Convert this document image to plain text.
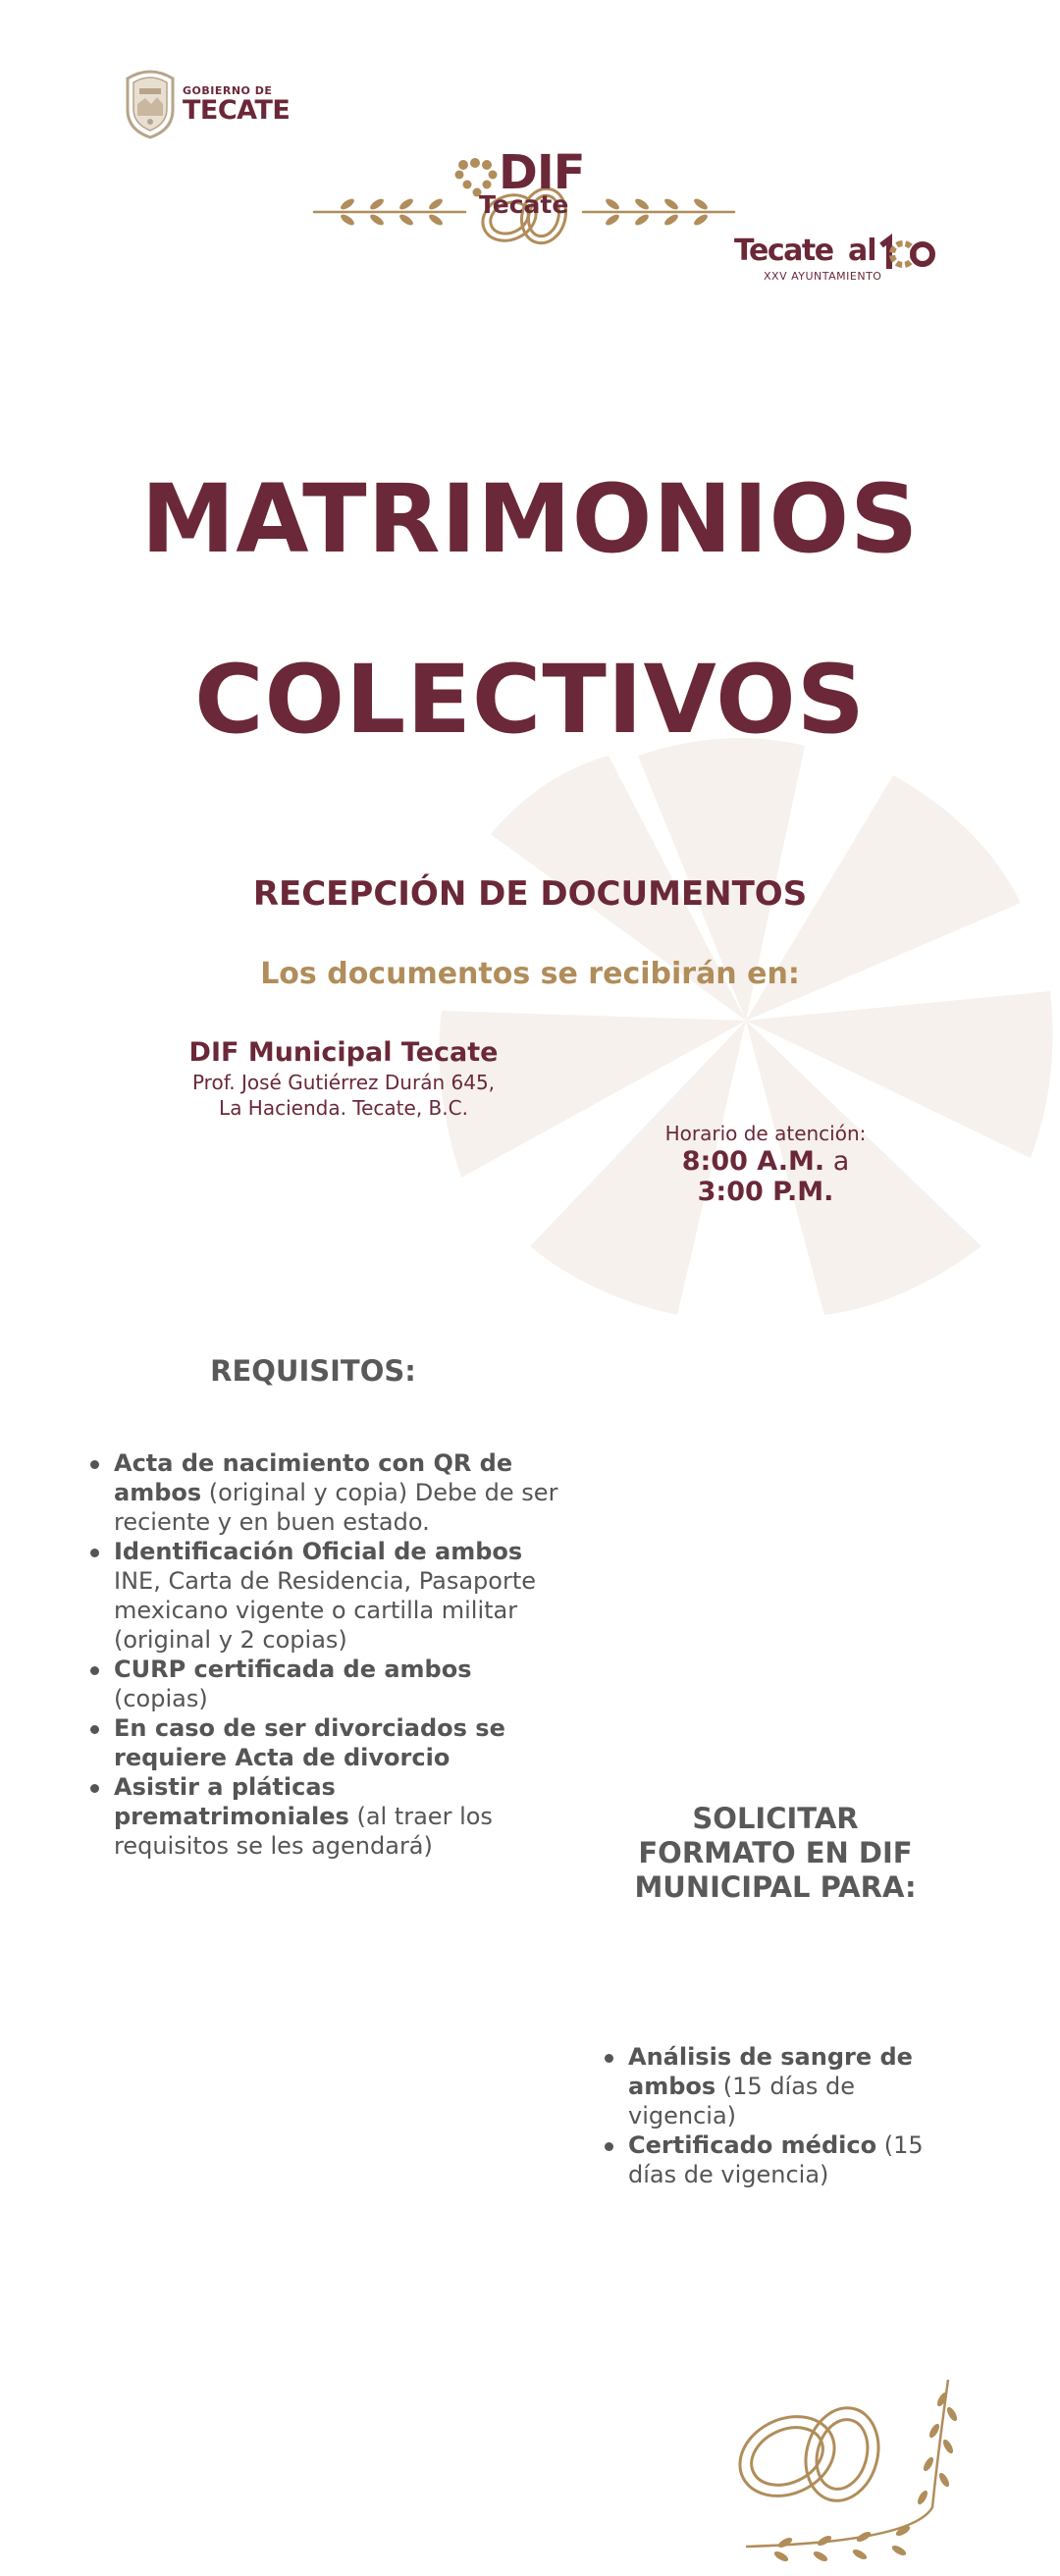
GOBIERNO DE
TECATE
DIF
Tecate
Tecate al
XXV AYUNTAMIENTO
MATRIMONIOS
COLECTIVOS
RECEPCIÓN DE DOCUMENTOS
Los documentos se recibirán en:
DIF Municipal Tecate
Prof. José Gutiérrez Durán 645,
La Hacienda. Tecate, B.C.
Horario de atención:
8:00 A.M. a
3:00 P.M.
REQUISITOS:
Acta de nacimiento con QR de ambos (original y copia) Debe de ser reciente y en buen estado.
Identificación Oficial de ambos INE, Carta de Residencia, Pasaporte mexicano vigente o cartilla militar (original y 2 copias)
CURP certificada de ambos (copias)
En caso de ser divorciados se requiere Acta de divorcio
Asistir a pláticas prematrimoniales (al traer los requisitos se les agendará)
SOLICITAR
FORMATO EN DIF
MUNICIPAL PARA:
Análisis de sangre de ambos (15 días de vigencia)
Certificado médico (15 días de vigencia)
